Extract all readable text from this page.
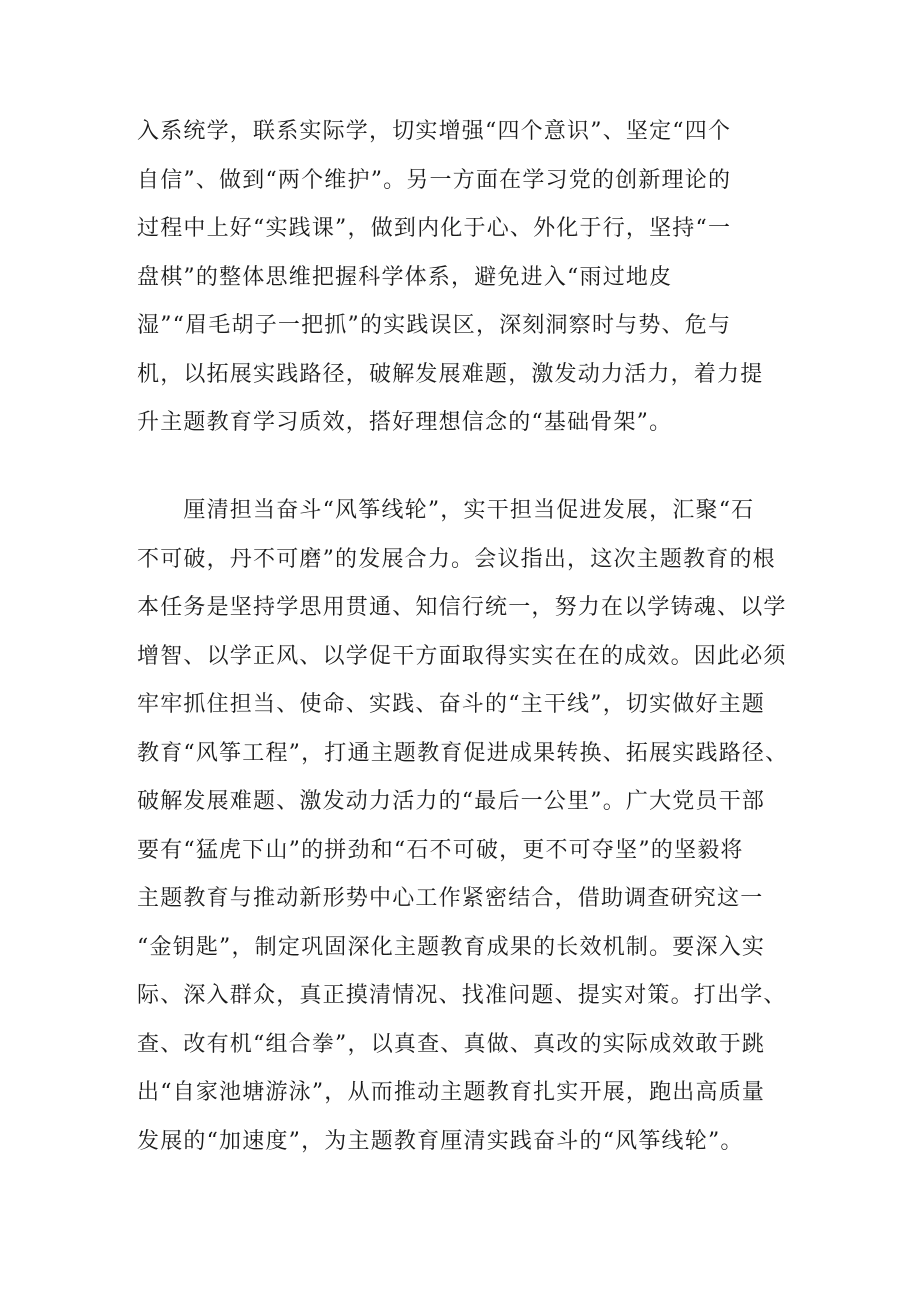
入系统学，联系实际学，切实增强“四个意识”、坚定“四个
自信”、做到“两个维护”。另一方面在学习党的创新理论的
过程中上好“实践课”，做到内化于心、外化于行，坚持“一
盘棋”的整体思维把握科学体系，避免进入“雨过地皮
湿”“眉毛胡子一把抓”的实践误区，深刻洞察时与势、危与
机，以拓展实践路径，破解发展难题，激发动力活力，着力提
升主题教育学习质效，搭好理想信念的“基础骨架”。
　　厘清担当奋斗“风筝线轮”，实干担当促进发展，汇聚“石
不可破，丹不可磨”的发展合力。会议指出，这次主题教育的根
本任务是坚持学思用贯通、知信行统一，努力在以学铸魂、以学
增智、以学正风、以学促干方面取得实实在在的成效。因此必须
牢牢抓住担当、使命、实践、奋斗的“主干线”，切实做好主题
教育“风筝工程”，打通主题教育促进成果转换、拓展实践路径、
破解发展难题、激发动力活力的“最后一公里”。广大党员干部
要有“猛虎下山”的拼劲和“石不可破，更不可夺坚”的坚毅将
主题教育与推动新形势中心工作紧密结合，借助调查研究这一
“金钥匙”，制定巩固深化主题教育成果的长效机制。要深入实
际、深入群众，真正摸清情况、找准问题、提实对策。打出学、
查、改有机“组合拳”，以真查、真做、真改的实际成效敢于跳
出“自家池塘游泳”，从而推动主题教育扎实开展，跑出高质量
发展的“加速度”，为主题教育厘清实践奋斗的“风筝线轮”。
